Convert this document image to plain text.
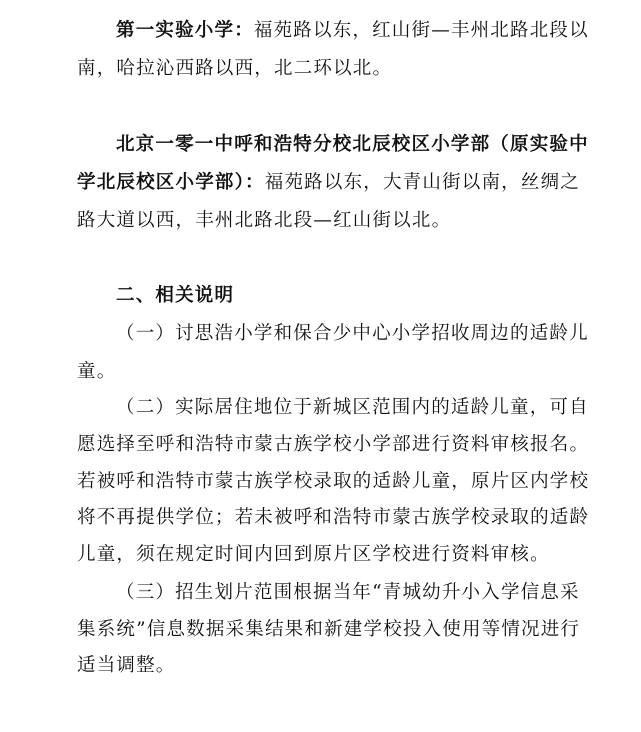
第一实验小学：福苑路以东，红山街—丰州北路北段以
南，哈拉沁西路以西，北二环以北。
北京一零一中呼和浩特分校北辰校区小学部（原实验中
学北辰校区小学部）：福苑路以东，大青山街以南，丝绸之
路大道以西，丰州北路北段—红山街以北。
二、相关说明
（一）讨思浩小学和保合少中心小学招收周边的适龄儿
童。
（二）实际居住地位于新城区范围内的适龄儿童，可自
愿选择至呼和浩特市蒙古族学校小学部进行资料审核报名。
若被呼和浩特市蒙古族学校录取的适龄儿童，原片区内学校
将不再提供学位；若未被呼和浩特市蒙古族学校录取的适龄
儿童，须在规定时间内回到原片区学校进行资料审核。
（三）招生划片范围根据当年“青城幼升小入学信息采
集系统”信息数据采集结果和新建学校投入使用等情况进行
适当调整。
